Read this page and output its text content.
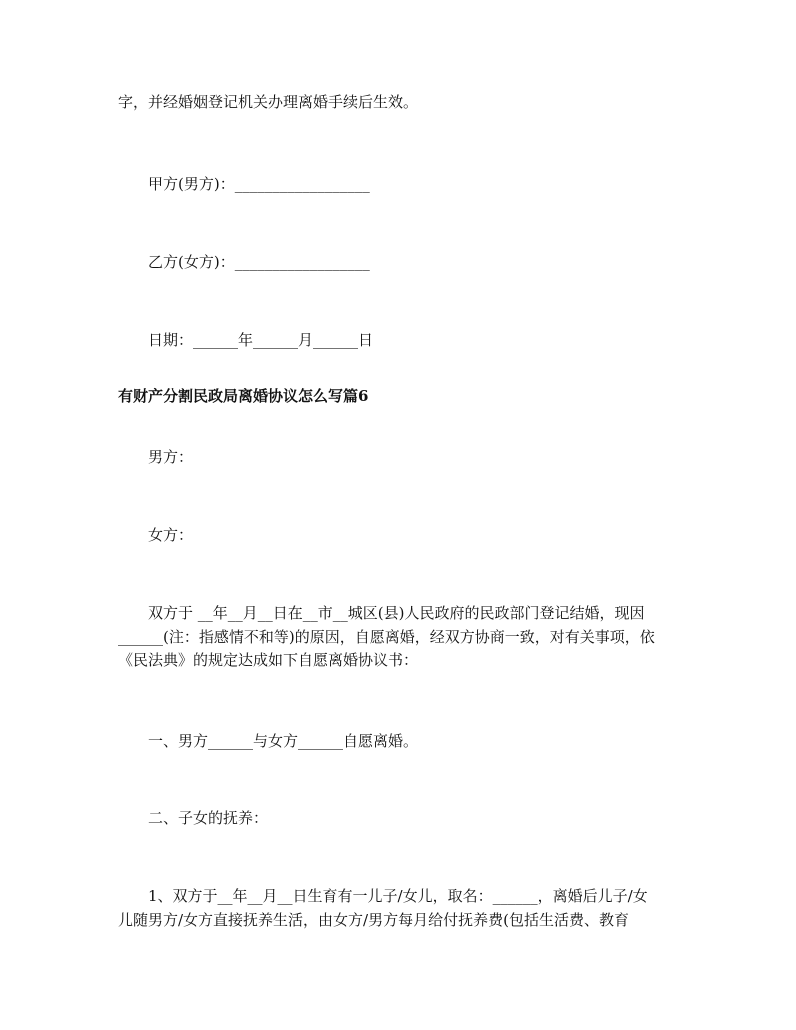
字，并经婚姻登记机关办理离婚手续后生效。
甲方(男方)：__________________
乙方(女方)：__________________
日期：______年______月______日
有财产分割民政局离婚协议怎么写篇6
男方：
女方：
双方于 __年__月__日在__市__城区(县)人民政府的民政部门登记结婚，现因
______(注：指感情不和等)的原因，自愿离婚，经双方协商一致，对有关事项，依
《民法典》的规定达成如下自愿离婚协议书：
一、男方______与女方______自愿离婚。
二、子女的抚养：
1、双方于__年__月__日生育有一儿子/女儿，取名：______，离婚后儿子/女
儿随男方/女方直接抚养生活，由女方/男方每月给付抚养费(包括生活费、教育
